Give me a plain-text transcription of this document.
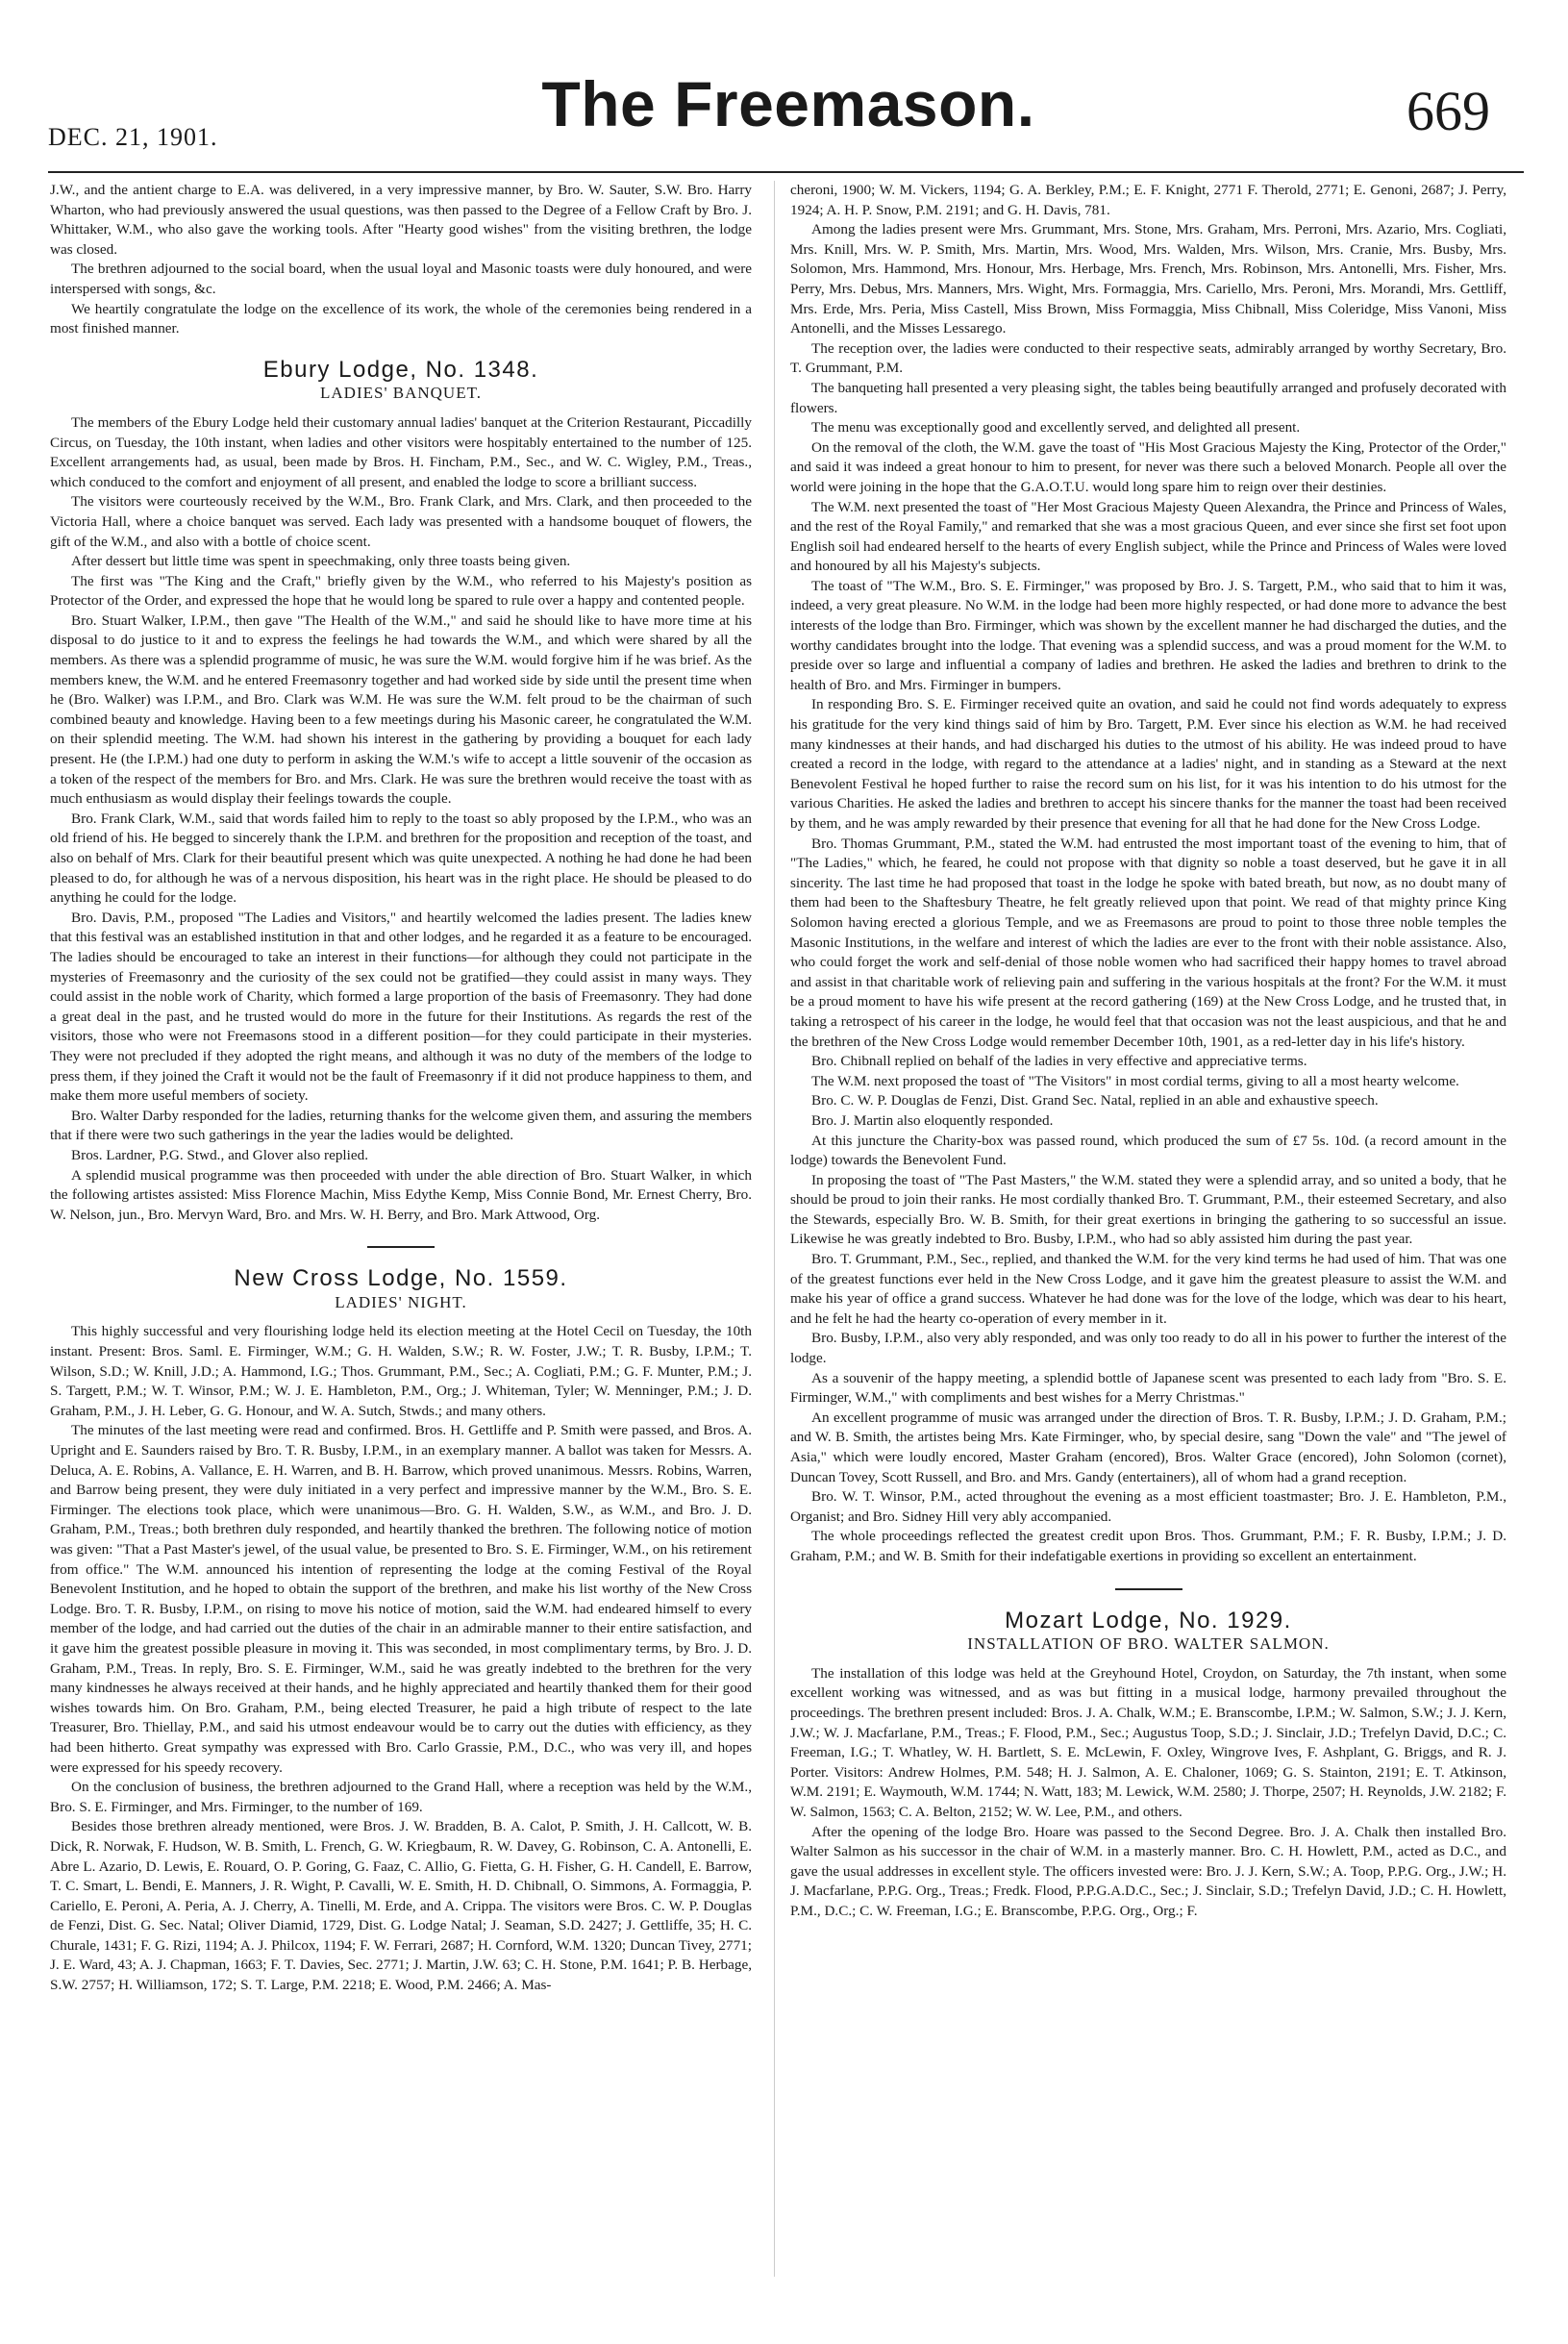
DEC. 21, 1901.	The Freemason.	669

J.W., and the antient charge to E.A. was delivered, in a very impressive manner, by Bro. W. Sauter, S.W. Bro. Harry Wharton, who had previously answered the usual questions, was then passed to the Degree of a Fellow Craft by Bro. J. Whittaker, W.M., who also gave the working tools. After "Hearty good wishes" from the visiting brethren, the lodge was closed.

The brethren adjourned to the social board, when the usual loyal and Masonic toasts were duly honoured, and were interspersed with songs, &c.

We heartily congratulate the lodge on the excellence of its work, the whole of the ceremonies being rendered in a most finished manner.

Ebury Lodge, No. 1348.
LADIES' BANQUET.

The members of the Ebury Lodge held their customary annual ladies' banquet at the Criterion Restaurant, Piccadilly Circus, on Tuesday, the 10th instant, when ladies and other visitors were hospitably entertained to the number of 125. Excellent arrangements had, as usual, been made by Bros. H. Fincham, P.M., Sec., and W. C. Wigley, P.M., Treas., which conduced to the comfort and enjoyment of all present, and enabled the lodge to score a brilliant success.

The visitors were courteously received by the W.M., Bro. Frank Clark, and Mrs. Clark, and then proceeded to the Victoria Hall, where a choice banquet was served. Each lady was presented with a handsome bouquet of flowers, the gift of the W.M., and also with a bottle of choice scent.

After dessert but little time was spent in speechmaking, only three toasts being given.

The first was "The King and the Craft," briefly given by the W.M., who referred to his Majesty's position as Protector of the Order, and expressed the hope that he would long be spared to rule over a happy and contented people.

Bro. Stuart Walker, I.P.M., then gave "The Health of the W.M.," and said he should like to have more time at his disposal to do justice to it and to express the feelings he had towards the W.M., and which were shared by all the members. As there was a splendid programme of music, he was sure the W.M. would forgive him if he was brief. As the members knew, the W.M. and he entered Freemasonry together and had worked side by side until the present time when he (Bro. Walker) was I.P.M., and Bro. Clark was W.M. He was sure the W.M. felt proud to be the chairman of such combined beauty and knowledge. Having been to a few meetings during his Masonic career, he congratulated the W.M. on their splendid meeting. The W.M. had shown his interest in the gathering by providing a bouquet for each lady present. He (the I.P.M.) had one duty to perform in asking the W.M.'s wife to accept a little souvenir of the occasion as a token of the respect of the members for Bro. and Mrs. Clark. He was sure the brethren would receive the toast with as much enthusiasm as would display their feelings towards the couple.

Bro. Frank Clark, W.M., said that words failed him to reply to the toast so ably proposed by the I.P.M., who was an old friend of his. He begged to sincerely thank the I.P.M. and brethren for the proposition and reception of the toast, and also on behalf of Mrs. Clark for their beautiful present which was quite unexpected. A nothing he had done he had been pleased to do, for although he was of a nervous disposition, his heart was in the right place. He should be pleased to do anything he could for the lodge.

Bro. Davis, P.M., proposed "The Ladies and Visitors," and heartily welcomed the ladies present. The ladies knew that this festival was an established institution in that and other lodges, and he regarded it as a feature to be encouraged. The ladies should be encouraged to take an interest in their functions—for although they could not participate in the mysteries of Freemasonry and the curiosity of the sex could not be gratified—they could assist in many ways. They could assist in the noble work of Charity, which formed a large proportion of the basis of Freemasonry. They had done a great deal in the past, and he trusted would do more in the future for their Institutions. As regards the rest of the visitors, those who were not Freemasons stood in a different position—for they could participate in their mysteries. They were not precluded if they adopted the right means, and although it was no duty of the members of the lodge to press them, if they joined the Craft it would not be the fault of Freemasonry if it did not produce happiness to them, and make them more useful members of society.

Bro. Walter Darby responded for the ladies, returning thanks for the welcome given them, and assuring the members that if there were two such gatherings in the year the ladies would be delighted.

Bros. Lardner, P.G. Stwd., and Glover also replied.

A splendid musical programme was then proceeded with under the able direction of Bro. Stuart Walker, in which the following artistes assisted: Miss Florence Machin, Miss Edythe Kemp, Miss Connie Bond, Mr. Ernest Cherry, Bro. W. Nelson, jun., Bro. Mervyn Ward, Bro. and Mrs. W. H. Berry, and Bro. Mark Attwood, Org.

New Cross Lodge, No. 1559.
LADIES' NIGHT.

This highly successful and very flourishing lodge held its election meeting at the Hotel Cecil on Tuesday, the 10th instant. Present: Bros. Saml. E. Firminger, W.M.; G. H. Walden, S.W.; R. W. Foster, J.W.; T. R. Busby, I.P.M.; T. Wilson, S.D.; W. Knill, J.D.; A. Hammond, I.G.; Thos. Grummant, P.M., Sec.; A. Cogliati, P.M.; G. F. Munter, P.M.; J. S. Targett, P.M.; W. T. Winsor, P.M.; W. J. E. Hambleton, P.M., Org.; J. Whiteman, Tyler; W. Menninger, P.M.; J. D. Graham, P.M., J. H. Leber, G. G. Honour, and W. A. Sutch, Stwds.; and many others.

The minutes of the last meeting were read and confirmed. Bros. H. Gettliffe and P. Smith were passed, and Bros. A. Upright and E. Saunders raised by Bro. T. R. Busby, I.P.M., in an exemplary manner. A ballot was taken for Messrs. A. Deluca, A. E. Robins, A. Vallance, E. H. Warren, and B. H. Barrow, which proved unanimous. Messrs. Robins, Warren, and Barrow being present, they were duly initiated in a very perfect and impressive manner by the W.M., Bro. S. E. Firminger. The elections took place, which were unanimous—Bro. G. H. Walden, S.W., as W.M., and Bro. J. D. Graham, P.M., Treas.; both brethren duly responded, and heartily thanked the brethren. The following notice of motion was given: "That a Past Master's jewel, of the usual value, be presented to Bro. S. E. Firminger, W.M., on his retirement from office." The W.M. announced his intention of representing the lodge at the coming Festival of the Royal Benevolent Institution, and he hoped to obtain the support of the brethren, and make his list worthy of the New Cross Lodge. Bro. T. R. Busby, I.P.M., on rising to move his notice of motion, said the W.M. had endeared himself to every member of the lodge, and had carried out the duties of the chair in an admirable manner to their entire satisfaction, and it gave him the greatest possible pleasure in moving it. This was seconded, in most complimentary terms, by Bro. J. D. Graham, P.M., Treas. In reply, Bro. S. E. Firminger, W.M., said he was greatly indebted to the brethren for the very many kindnesses he always received at their hands, and he highly appreciated and heartily thanked them for their good wishes towards him. On Bro. Graham, P.M., being elected Treasurer, he paid a high tribute of respect to the late Treasurer, Bro. Thiellay, P.M., and said his utmost endeavour would be to carry out the duties with efficiency, as they had been hitherto. Great sympathy was expressed with Bro. Carlo Grassie, P.M., D.C., who was very ill, and hopes were expressed for his speedy recovery.

On the conclusion of business, the brethren adjourned to the Grand Hall, where a reception was held by the W.M., Bro. S. E. Firminger, and Mrs. Firminger, to the number of 169.

Besides those brethren already mentioned, were Bros. J. W. Bradden, B. A. Calot, P. Smith, J. H. Callcott, W. B. Dick, R. Norwak, F. Hudson, W. B. Smith, L. French, G. W. Kriegbaum, R. W. Davey, G. Robinson, C. A. Antonelli, E. Abre L. Azario, D. Lewis, E. Rouard, O. P. Goring, G. Faaz, C. Allio, G. Fietta, G. H. Fisher, G. H. Candell, E. Barrow, T. C. Smart, L. Bendi, E. Manners, J. R. Wight, P. Cavalli, W. E. Smith, H. D. Chibnall, O. Simmons, A. Formaggia, P. Cariello, E. Peroni, A. Peria, A. J. Cherry, A. Tinelli, M. Erde, and A. Crippa. The visitors were Bros. C. W. P. Douglas de Fenzi, Dist. G. Sec. Natal; Oliver Diamid, 1729, Dist. G. Lodge Natal; J. Seaman, S.D. 2427; J. Gettliffe, 35; H. C. Churale, 1431; F. G. Rizi, 1194; A. J. Philcox, 1194; F. W. Ferrari, 2687; H. Cornford, W.M. 1320; Duncan Tivey, 2771; J. E. Ward, 43; A. J. Chapman, 1663; F. T. Davies, Sec. 2771; J. Martin, J.W. 63; C. H. Stone, P.M. 1641; P. B. Herbage, S.W. 2757; H. Williamson, 172; S. T. Large, P.M. 2218; E. Wood, P.M. 2466; A. Mas-

cheroni, 1900; W. M. Vickers, 1194; G. A. Berkley, P.M.; E. F. Knight, 2771 F. Therold, 2771; E. Genoni, 2687; J. Perry, 1924; A. H. P. Snow, P.M. 2191; and G. H. Davis, 781.

Among the ladies present were Mrs. Grummant, Mrs. Stone, Mrs. Graham, Mrs. Perroni, Mrs. Azario, Mrs. Cogliati, Mrs. Knill, Mrs. W. P. Smith, Mrs. Martin, Mrs. Wood, Mrs. Walden, Mrs. Wilson, Mrs. Cranie, Mrs. Busby, Mrs. Solomon, Mrs. Hammond, Mrs. Honour, Mrs. Herbage, Mrs. French, Mrs. Robinson, Mrs. Antonelli, Mrs. Fisher, Mrs. Perry, Mrs. Debus, Mrs. Manners, Mrs. Wight, Mrs. Formaggia, Mrs. Cariello, Mrs. Peroni, Mrs. Morandi, Mrs. Gettliff, Mrs. Erde, Mrs. Peria, Miss Castell, Miss Brown, Miss Formaggia, Miss Chibnall, Miss Coleridge, Miss Vanoni, Miss Antonelli, and the Misses Lessarego.

The reception over, the ladies were conducted to their respective seats, admirably arranged by worthy Secretary, Bro. T. Grummant, P.M.

The banqueting hall presented a very pleasing sight, the tables being beautifully arranged and profusely decorated with flowers.

The menu was exceptionally good and excellently served, and delighted all present.

On the removal of the cloth, the W.M. gave the toast of "His Most Gracious Majesty the King, Protector of the Order," and said it was indeed a great honour to him to present, for never was there such a beloved Monarch. People all over the world were joining in the hope that the G.A.O.T.U. would long spare him to reign over their destinies.

The W.M. next presented the toast of "Her Most Gracious Majesty Queen Alexandra, the Prince and Princess of Wales, and the rest of the Royal Family," and remarked that she was a most gracious Queen, and ever since she first set foot upon English soil had endeared herself to the hearts of every English subject, while the Prince and Princess of Wales were loved and honoured by all his Majesty's subjects.

The toast of "The W.M., Bro. S. E. Firminger," was proposed by Bro. J. S. Targett, P.M., who said that to him it was, indeed, a very great pleasure. No W.M. in the lodge had been more highly respected, or had done more to advance the best interests of the lodge than Bro. Firminger, which was shown by the excellent manner he had discharged the duties, and the worthy candidates brought into the lodge. That evening was a splendid success, and was a proud moment for the W.M. to preside over so large and influential a company of ladies and brethren. He asked the ladies and brethren to drink to the health of Bro. and Mrs. Firminger in bumpers.

In responding Bro. S. E. Firminger received quite an ovation, and said he could not find words adequately to express his gratitude for the very kind things said of him by Bro. Targett, P.M. Ever since his election as W.M. he had received many kindnesses at their hands, and had discharged his duties to the utmost of his ability. He was indeed proud to have created a record in the lodge, with regard to the attendance at a ladies' night, and in standing as a Steward at the next Benevolent Festival he hoped further to raise the record sum on his list, for it was his intention to do his utmost for the various Charities. He asked the ladies and brethren to accept his sincere thanks for the manner the toast had been received by them, and he was amply rewarded by their presence that evening for all that he had done for the New Cross Lodge.

Bro. Thomas Grummant, P.M., stated the W.M. had entrusted the most important toast of the evening to him, that of "The Ladies," which, he feared, he could not propose with that dignity so noble a toast deserved, but he gave it in all sincerity. The last time he had proposed that toast in the lodge he spoke with bated breath, but now, as no doubt many of them had been to the Shaftesbury Theatre, he felt greatly relieved upon that point. We read of that mighty prince King Solomon having erected a glorious Temple, and we as Freemasons are proud to point to those three noble temples the Masonic Institutions, in the welfare and interest of which the ladies are ever to the front with their noble assistance. Also, who could forget the work and self-denial of those noble women who had sacrificed their happy homes to travel abroad and assist in that charitable work of relieving pain and suffering in the various hospitals at the front? For the W.M. it must be a proud moment to have his wife present at the record gathering (169) at the New Cross Lodge, and he trusted that, in taking a retrospect of his career in the lodge, he would feel that that occasion was not the least auspicious, and that he and the brethren of the New Cross Lodge would remember December 10th, 1901, as a red-letter day in his life's history.

Bro. Chibnall replied on behalf of the ladies in very effective and appreciative terms.

The W.M. next proposed the toast of "The Visitors" in most cordial terms, giving to all a most hearty welcome.

Bro. C. W. P. Douglas de Fenzi, Dist. Grand Sec. Natal, replied in an able and exhaustive speech.

Bro. J. Martin also eloquently responded.

At this juncture the Charity-box was passed round, which produced the sum of £7 5s. 10d. (a record amount in the lodge) towards the Benevolent Fund.

In proposing the toast of "The Past Masters," the W.M. stated they were a splendid array, and so united a body, that he should be proud to join their ranks. He most cordially thanked Bro. T. Grummant, P.M., their esteemed Secretary, and also the Stewards, especially Bro. W. B. Smith, for their great exertions in bringing the gathering to so successful an issue. Likewise he was greatly indebted to Bro. Busby, I.P.M., who had so ably assisted him during the past year.

Bro. T. Grummant, P.M., Sec., replied, and thanked the W.M. for the very kind terms he had used of him. That was one of the greatest functions ever held in the New Cross Lodge, and it gave him the greatest pleasure to assist the W.M. and make his year of office a grand success. Whatever he had done was for the love of the lodge, which was dear to his heart, and he felt he had the hearty co-operation of every member in it.

Bro. Busby, I.P.M., also very ably responded, and was only too ready to do all in his power to further the interest of the lodge.

As a souvenir of the happy meeting, a splendid bottle of Japanese scent was presented to each lady from "Bro. S. E. Firminger, W.M.," with compliments and best wishes for a Merry Christmas."

An excellent programme of music was arranged under the direction of Bros. T. R. Busby, I.P.M.; J. D. Graham, P.M.; and W. B. Smith, the artistes being Mrs. Kate Firminger, who, by special desire, sang "Down the vale" and "The jewel of Asia," which were loudly encored, Master Graham (encored), Bros. Walter Grace (encored), John Solomon (cornet), Duncan Tovey, Scott Russell, and Bro. and Mrs. Gandy (entertainers), all of whom had a grand reception.

Bro. W. T. Winsor, P.M., acted throughout the evening as a most efficient toastmaster; Bro. J. E. Hambleton, P.M., Organist; and Bro. Sidney Hill very ably accompanied.

The whole proceedings reflected the greatest credit upon Bros. Thos. Grummant, P.M.; F. R. Busby, I.P.M.; J. D. Graham, P.M.; and W. B. Smith for their indefatigable exertions in providing so excellent an entertainment.

Mozart Lodge, No. 1929.
INSTALLATION OF BRO. WALTER SALMON.

The installation of this lodge was held at the Greyhound Hotel, Croydon, on Saturday, the 7th instant, when some excellent working was witnessed, and as was but fitting in a musical lodge, harmony prevailed throughout the proceedings. The brethren present included: Bros. J. A. Chalk, W.M.; E. Branscombe, I.P.M.; W. Salmon, S.W.; J. J. Kern, J.W.; W. J. Macfarlane, P.M., Treas.; F. Flood, P.M., Sec.; Augustus Toop, S.D.; J. Sinclair, J.D.; Trefelyn David, D.C.; C. Freeman, I.G.; T. Whatley, W. H. Bartlett, S. E. McLewin, F. Oxley, Wingrove Ives, F. Ashplant, G. Briggs, and R. J. Porter. Visitors: Andrew Holmes, P.M. 548; H. J. Salmon, A. E. Chaloner, 1069; G. S. Stainton, 2191; E. T. Atkinson, W.M. 2191; E. Waymouth, W.M. 1744; N. Watt, 183; M. Lewick, W.M. 2580; J. Thorpe, 2507; H. Reynolds, J.W. 2182; F. W. Salmon, 1563; C. A. Belton, 2152; W. W. Lee, P.M., and others.

After the opening of the lodge Bro. Hoare was passed to the Second Degree. Bro. J. A. Chalk then installed Bro. Walter Salmon as his successor in the chair of W.M. in a masterly manner. Bro. C. H. Howlett, P.M., acted as D.C., and gave the usual addresses in excellent style. The officers invested were: Bro. J. J. Kern, S.W.; A. Toop, P.P.G. Org., J.W.; H. J. Macfarlane, P.P.G. Org., Treas.; Fredk. Flood, P.P.G.A.D.C., Sec.; J. Sinclair, S.D.; Trefelyn David, J.D.; C. H. Howlett, P.M., D.C.; C. W. Freeman, I.G.; E. Branscombe, P.P.G. Org., Org.; F.
